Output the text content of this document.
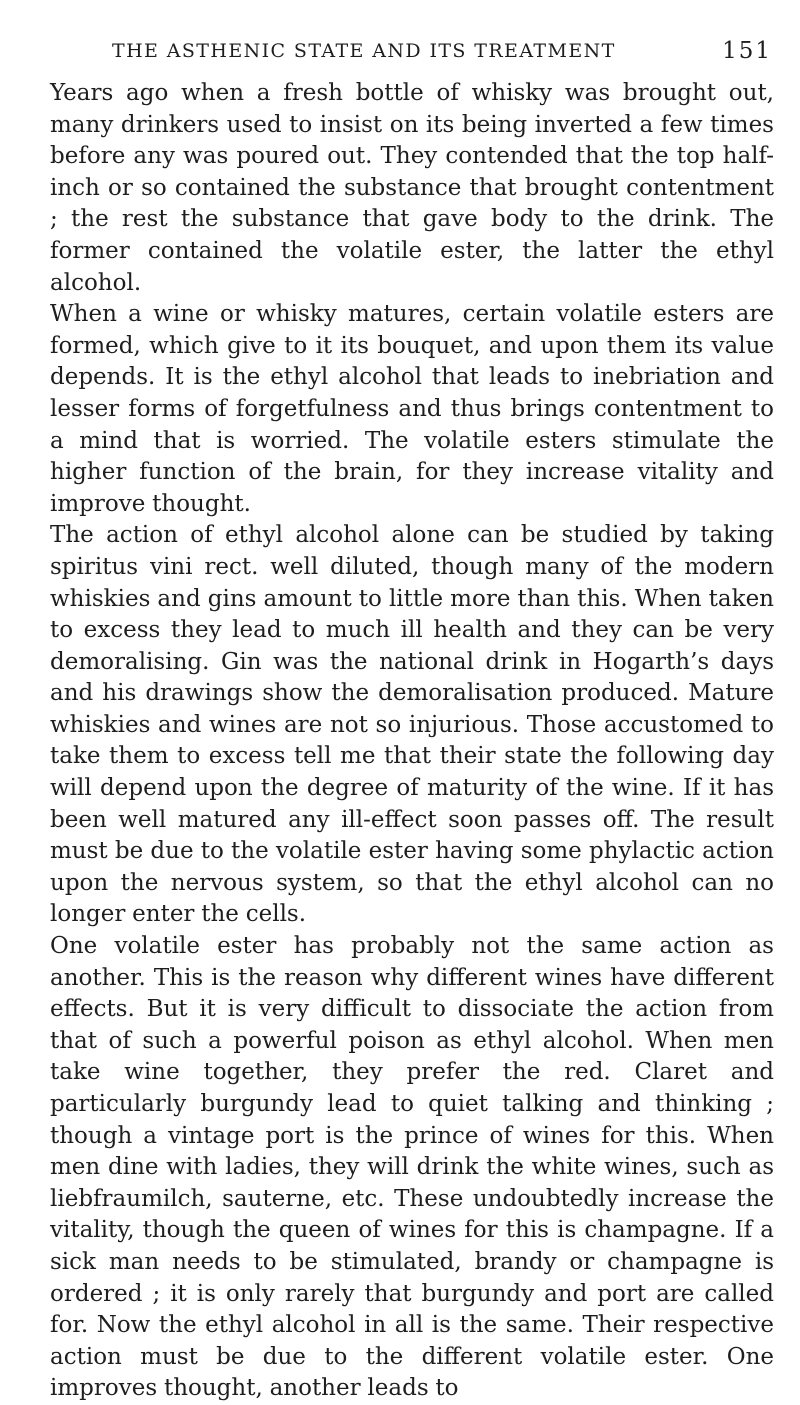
THE ASTHENIC STATE AND ITS TREATMENT	151

Years ago when a fresh bottle of whisky was brought out, many drinkers used to insist on its being inverted a few times before any was poured out. They contended that the top half-inch or so contained the substance that brought contentment ; the rest the substance that gave body to the drink. The former contained the volatile ester, the latter the ethyl alcohol.

When a wine or whisky matures, certain volatile esters are formed, which give to it its bouquet, and upon them its value depends. It is the ethyl alcohol that leads to inebriation and lesser forms of forgetfulness and thus brings contentment to a mind that is worried. The volatile esters stimulate the higher function of the brain, for they increase vitality and improve thought.

The action of ethyl alcohol alone can be studied by taking spiritus vini rect. well diluted, though many of the modern whiskies and gins amount to little more than this. When taken to excess they lead to much ill health and they can be very demoralising. Gin was the national drink in Hogarth’s days and his drawings show the demoralisation produced. Mature whiskies and wines are not so injurious. Those accustomed to take them to excess tell me that their state the following day will depend upon the degree of maturity of the wine. If it has been well matured any ill-effect soon passes off. The result must be due to the volatile ester having some phylactic action upon the nervous system, so that the ethyl alcohol can no longer enter the cells.

One volatile ester has probably not the same action as another. This is the reason why different wines have different effects. But it is very difficult to dissociate the action from that of such a powerful poison as ethyl alcohol. When men take wine together, they prefer the red. Claret and particularly burgundy lead to quiet talking and thinking ; though a vintage port is the prince of wines for this. When men dine with ladies, they will drink the white wines, such as liebfraumilch, sauterne, etc. These undoubtedly increase the vitality, though the queen of wines for this is champagne. If a sick man needs to be stimulated, brandy or champagne is ordered ; it is only rarely that burgundy and port are called for. Now the ethyl alcohol in all is the same. Their respective action must be due to the different volatile ester. One improves thought, another leads to
